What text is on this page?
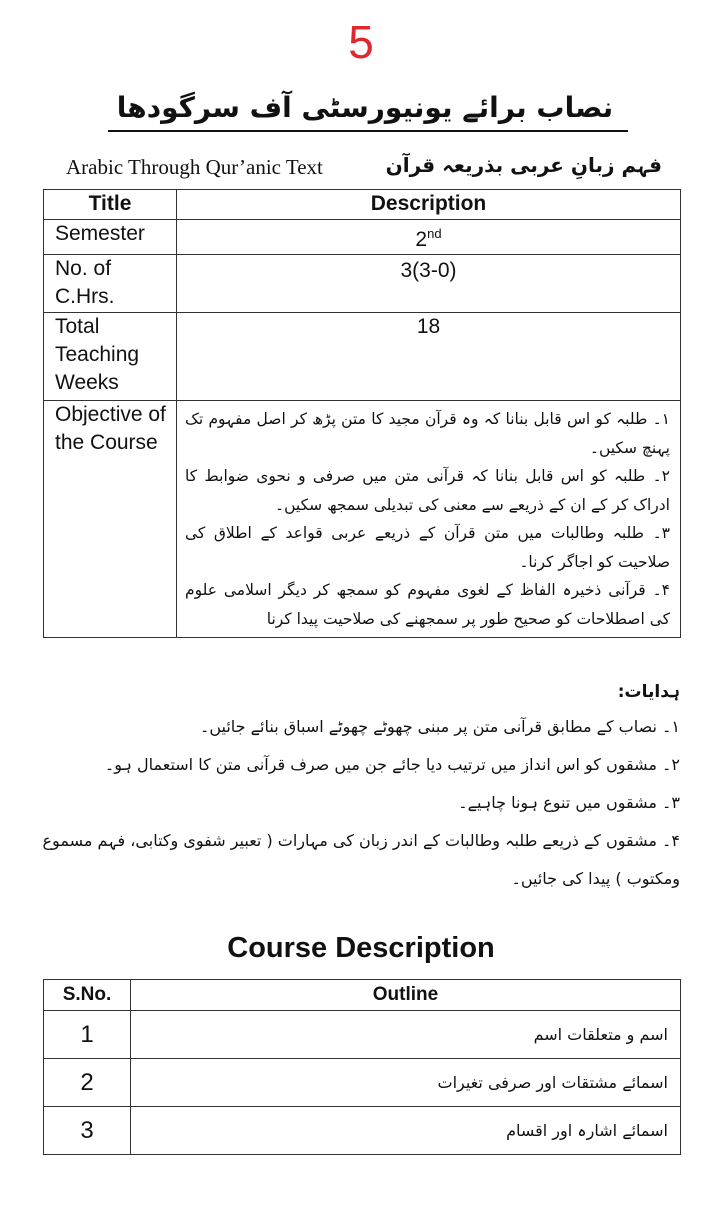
5
نصاب برائے یونیورسٹی آف سرگودھا
Arabic Through Qur’anic Text	فہم زبانِ عربی بذریعہ قرآن
Title	Description
Semester	2nd
No. of C.Hrs.	3(3-0)
Total Teaching Weeks	18
Objective of the Course	۱۔ طلبہ کو اس قابل بنانا کہ وہ قرآن مجید کا متن پڑھ کر اصل مفہوم تک پہنچ سکیں۔

۲۔ طلبہ کو اس قابل بنانا کہ قرآنی متن میں صرفی و نحوی ضوابط کا ادراک کر کے ان کے ذریعے سے معنی کی تبدیلی سمجھ سکیں۔

۳۔ طلبہ وطالبات میں متن قرآن کے ذریعے عربی قواعد کے اطلاق کی صلاحیت کو اجاگر کرنا۔

۴۔ قرآنی ذخیرہ الفاظ کے لغوی مفہوم کو سمجھ کر دیگر اسلامی علوم کی اصطلاحات کو صحیح طور پر سمجھنے کی صلاحیت پیدا کرنا

ہدایات:

۱۔ نصاب کے مطابق قرآنی متن پر مبنی چھوٹے چھوٹے اسباق بنائے جائیں۔

۲۔ مشقوں کو اس انداز میں ترتیب دیا جائے جن میں صرف قرآنی متن کا استعمال ہو۔

۳۔ مشقوں میں تنوع ہونا چاہیے۔

۴۔ مشقوں کے ذریعے طلبہ وطالبات کے اندر زبان کی مہارات ( تعبیر شفوی وکتابی، فہم مسموع ومکتوب ) پیدا کی جائیں۔

Course Description
S.No.	Outline
1	اسم و متعلقات اسم
2	اسمائے مشتقات اور صرفی تغیرات
3	اسمائے اشارہ اور اقسام
